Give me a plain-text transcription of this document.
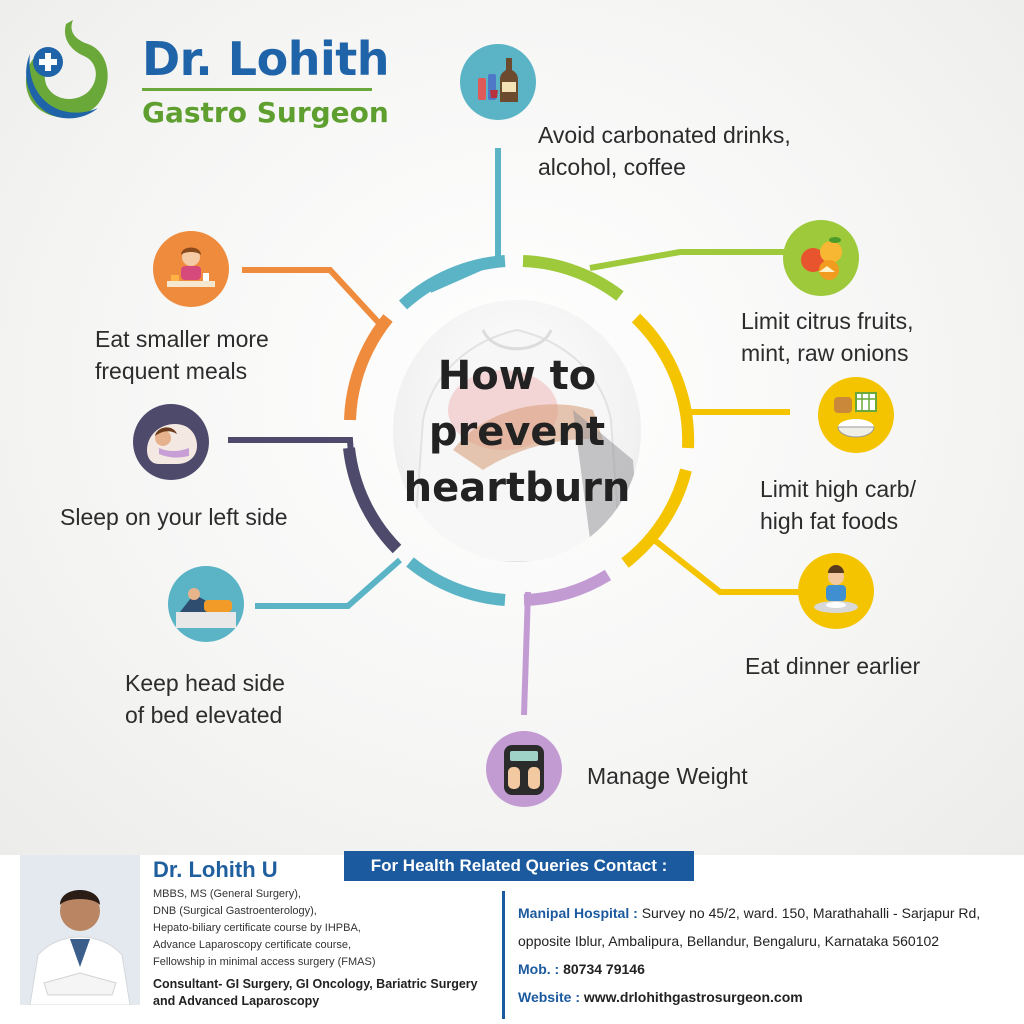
Dr. Lohith
Gastro Surgeon
How to
prevent
heartburn
Avoid carbonated drinks,
alcohol, coffee
Limit citrus fruits,
mint, raw onions
Limit high carb/
high fat foods
Eat dinner earlier
Manage Weight
Keep head side
of bed elevated
Sleep on your left side
Eat smaller more
frequent meals
Dr. Lohith U
MBBS, MS (General Surgery),
DNB (Surgical Gastroenterology),
Hepato-biliary certificate course by IHPBA,
Advance Laparoscopy certificate course,
Fellowship in minimal access surgery (FMAS)
Consultant- GI Surgery, GI Oncology, Bariatric Surgery
and Advanced Laparoscopy
For Health Related Queries Contact :
Manipal Hospital : Survey no 45/2, ward. 150, Marathahalli - Sarjapur Rd,
opposite Iblur, Ambalipura, Bellandur, Bengaluru, Karnataka 560102
Mob. : 80734 79146
Website : www.drlohithgastrosurgeon.com
